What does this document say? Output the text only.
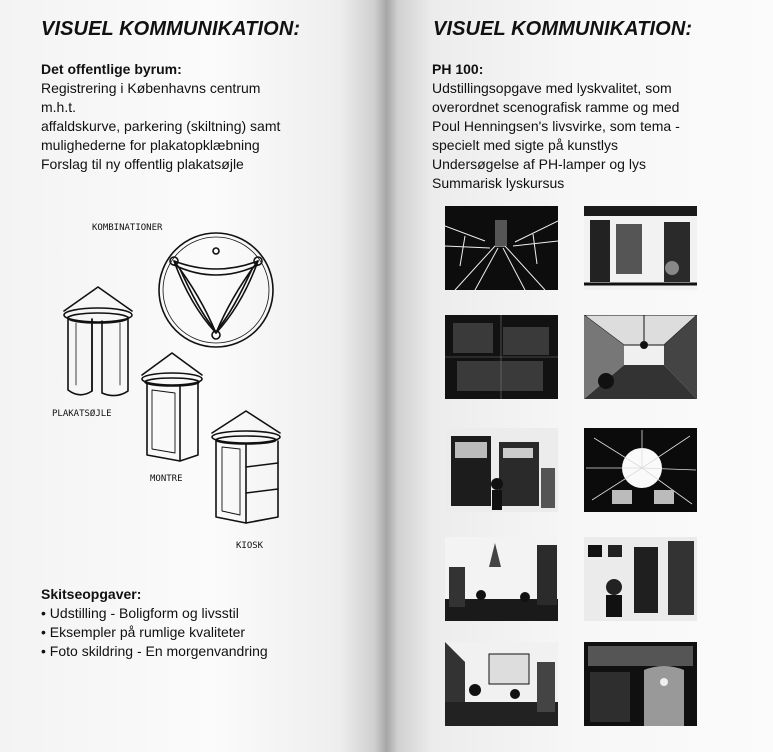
VISUEL KOMMUNIKATION:
Det offentlige byrum:
Registrering i Københavns centrum
m.h.t.
affaldskurve, parkering (skiltning) samt
mulighederne for plakatopklæbning
Forslag til ny offentlig plakatsøjle
KOMBINATIONER
PLAKATSØJLE
MONTRE
KIOSK
Skitseopgaver:
• Udstilling - Boligform og livsstil
• Eksempler på rumlige kvaliteter
• Foto skildring - En morgenvandring
VISUEL KOMMUNIKATION:
PH 100:
Udstillingsopgave med lyskvalitet, som
overordnet scenografisk ramme og med
Poul Henningsen's livsvirke, som tema -
specielt med sigte på kunstlys
Undersøgelse af PH-lamper og lys
Summarisk lyskursus
